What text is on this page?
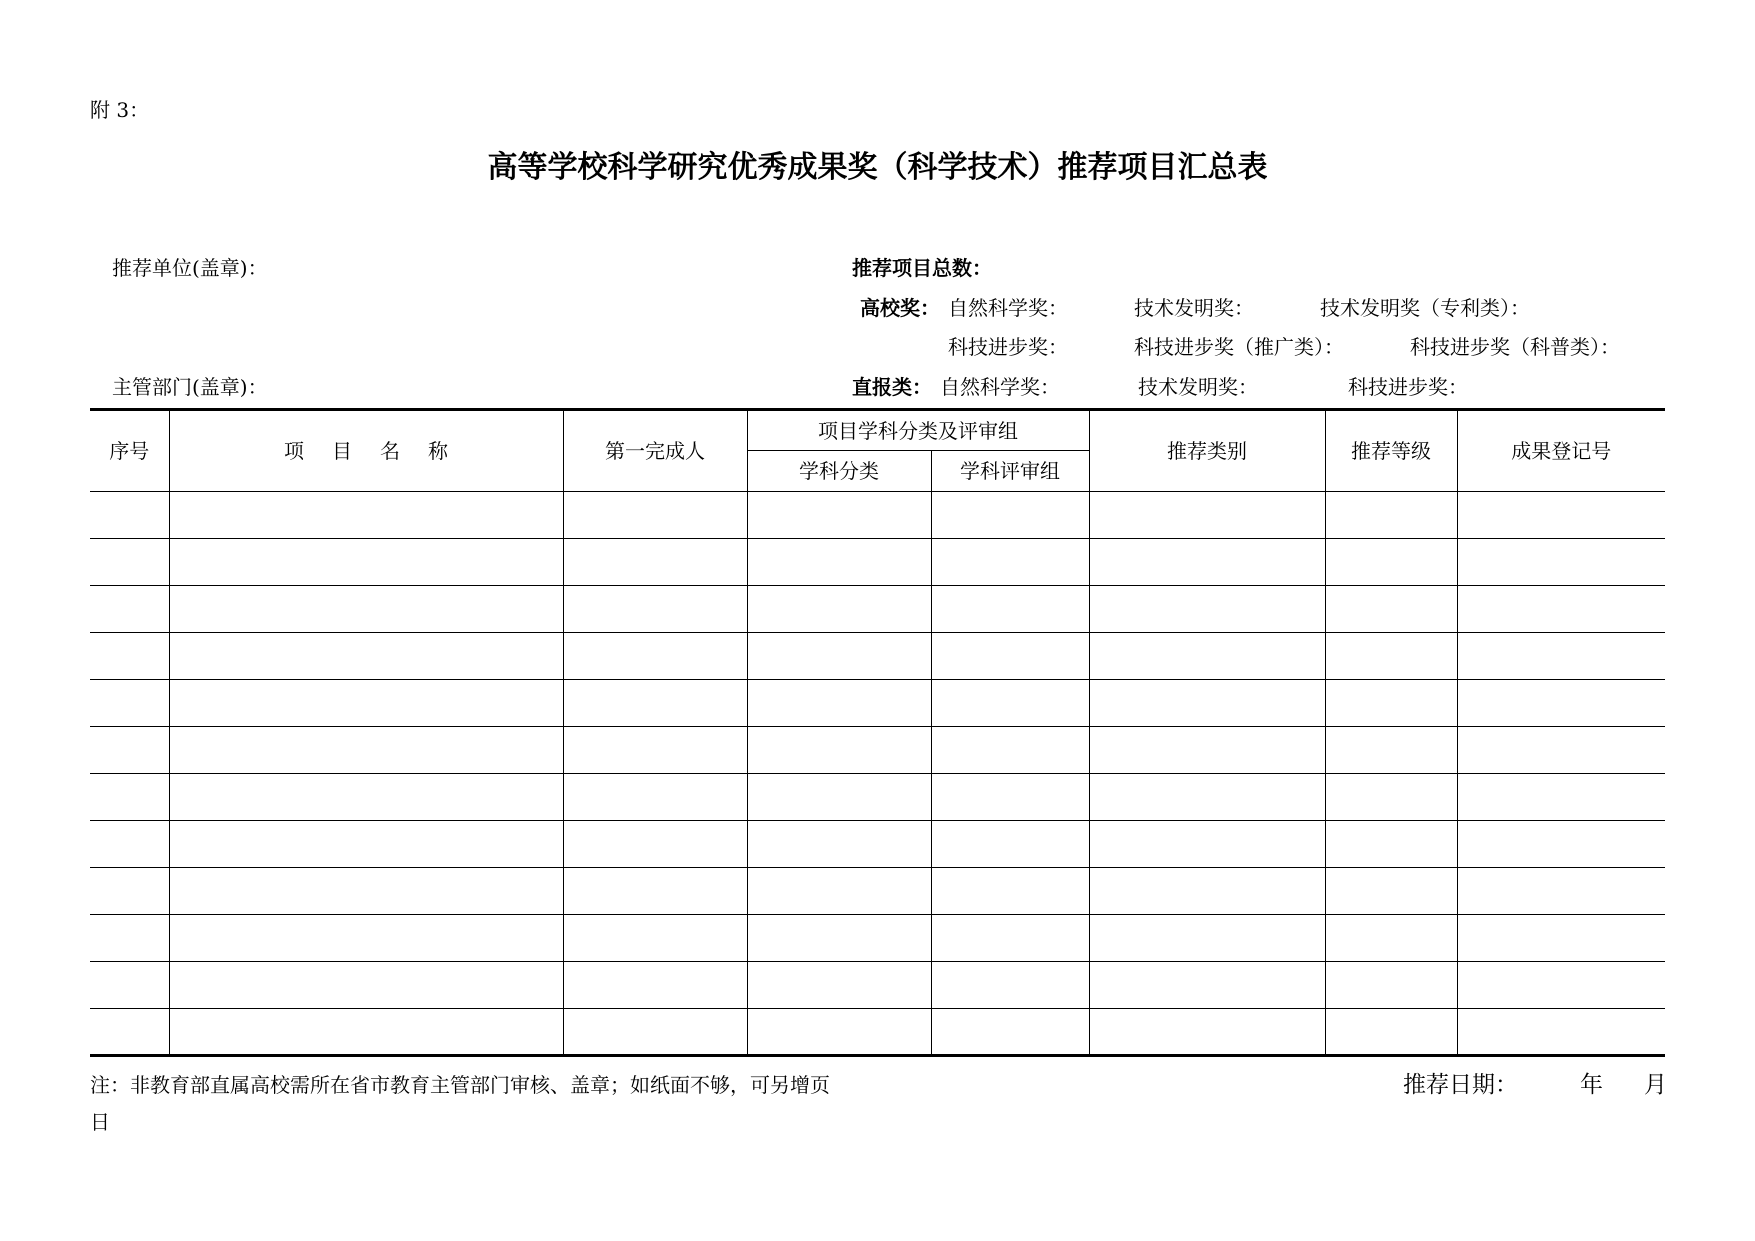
附 3：
高等学校科学研究优秀成果奖（科学技术）推荐项目汇总表
推荐单位(盖章)：
主管部门(盖章)：
推荐项目总数：
高校奖： 自然科学奖：	技术发明奖：	技术发明奖（专利类）：
科技进步奖：	科技进步奖（推广类）：	科技进步奖（科普类）：
直报类： 自然科学奖：	技术发明奖：	科技进步奖：
序号	项目名称	第一完成人	项目学科分类及评审组		推荐类别	推荐等级	成果登记号
			学科分类	学科评审组			

注：非教育部直属高校需所在省市教育主管部门审核、盖章；如纸面不够，可另增页	推荐日期：	年 月
日
